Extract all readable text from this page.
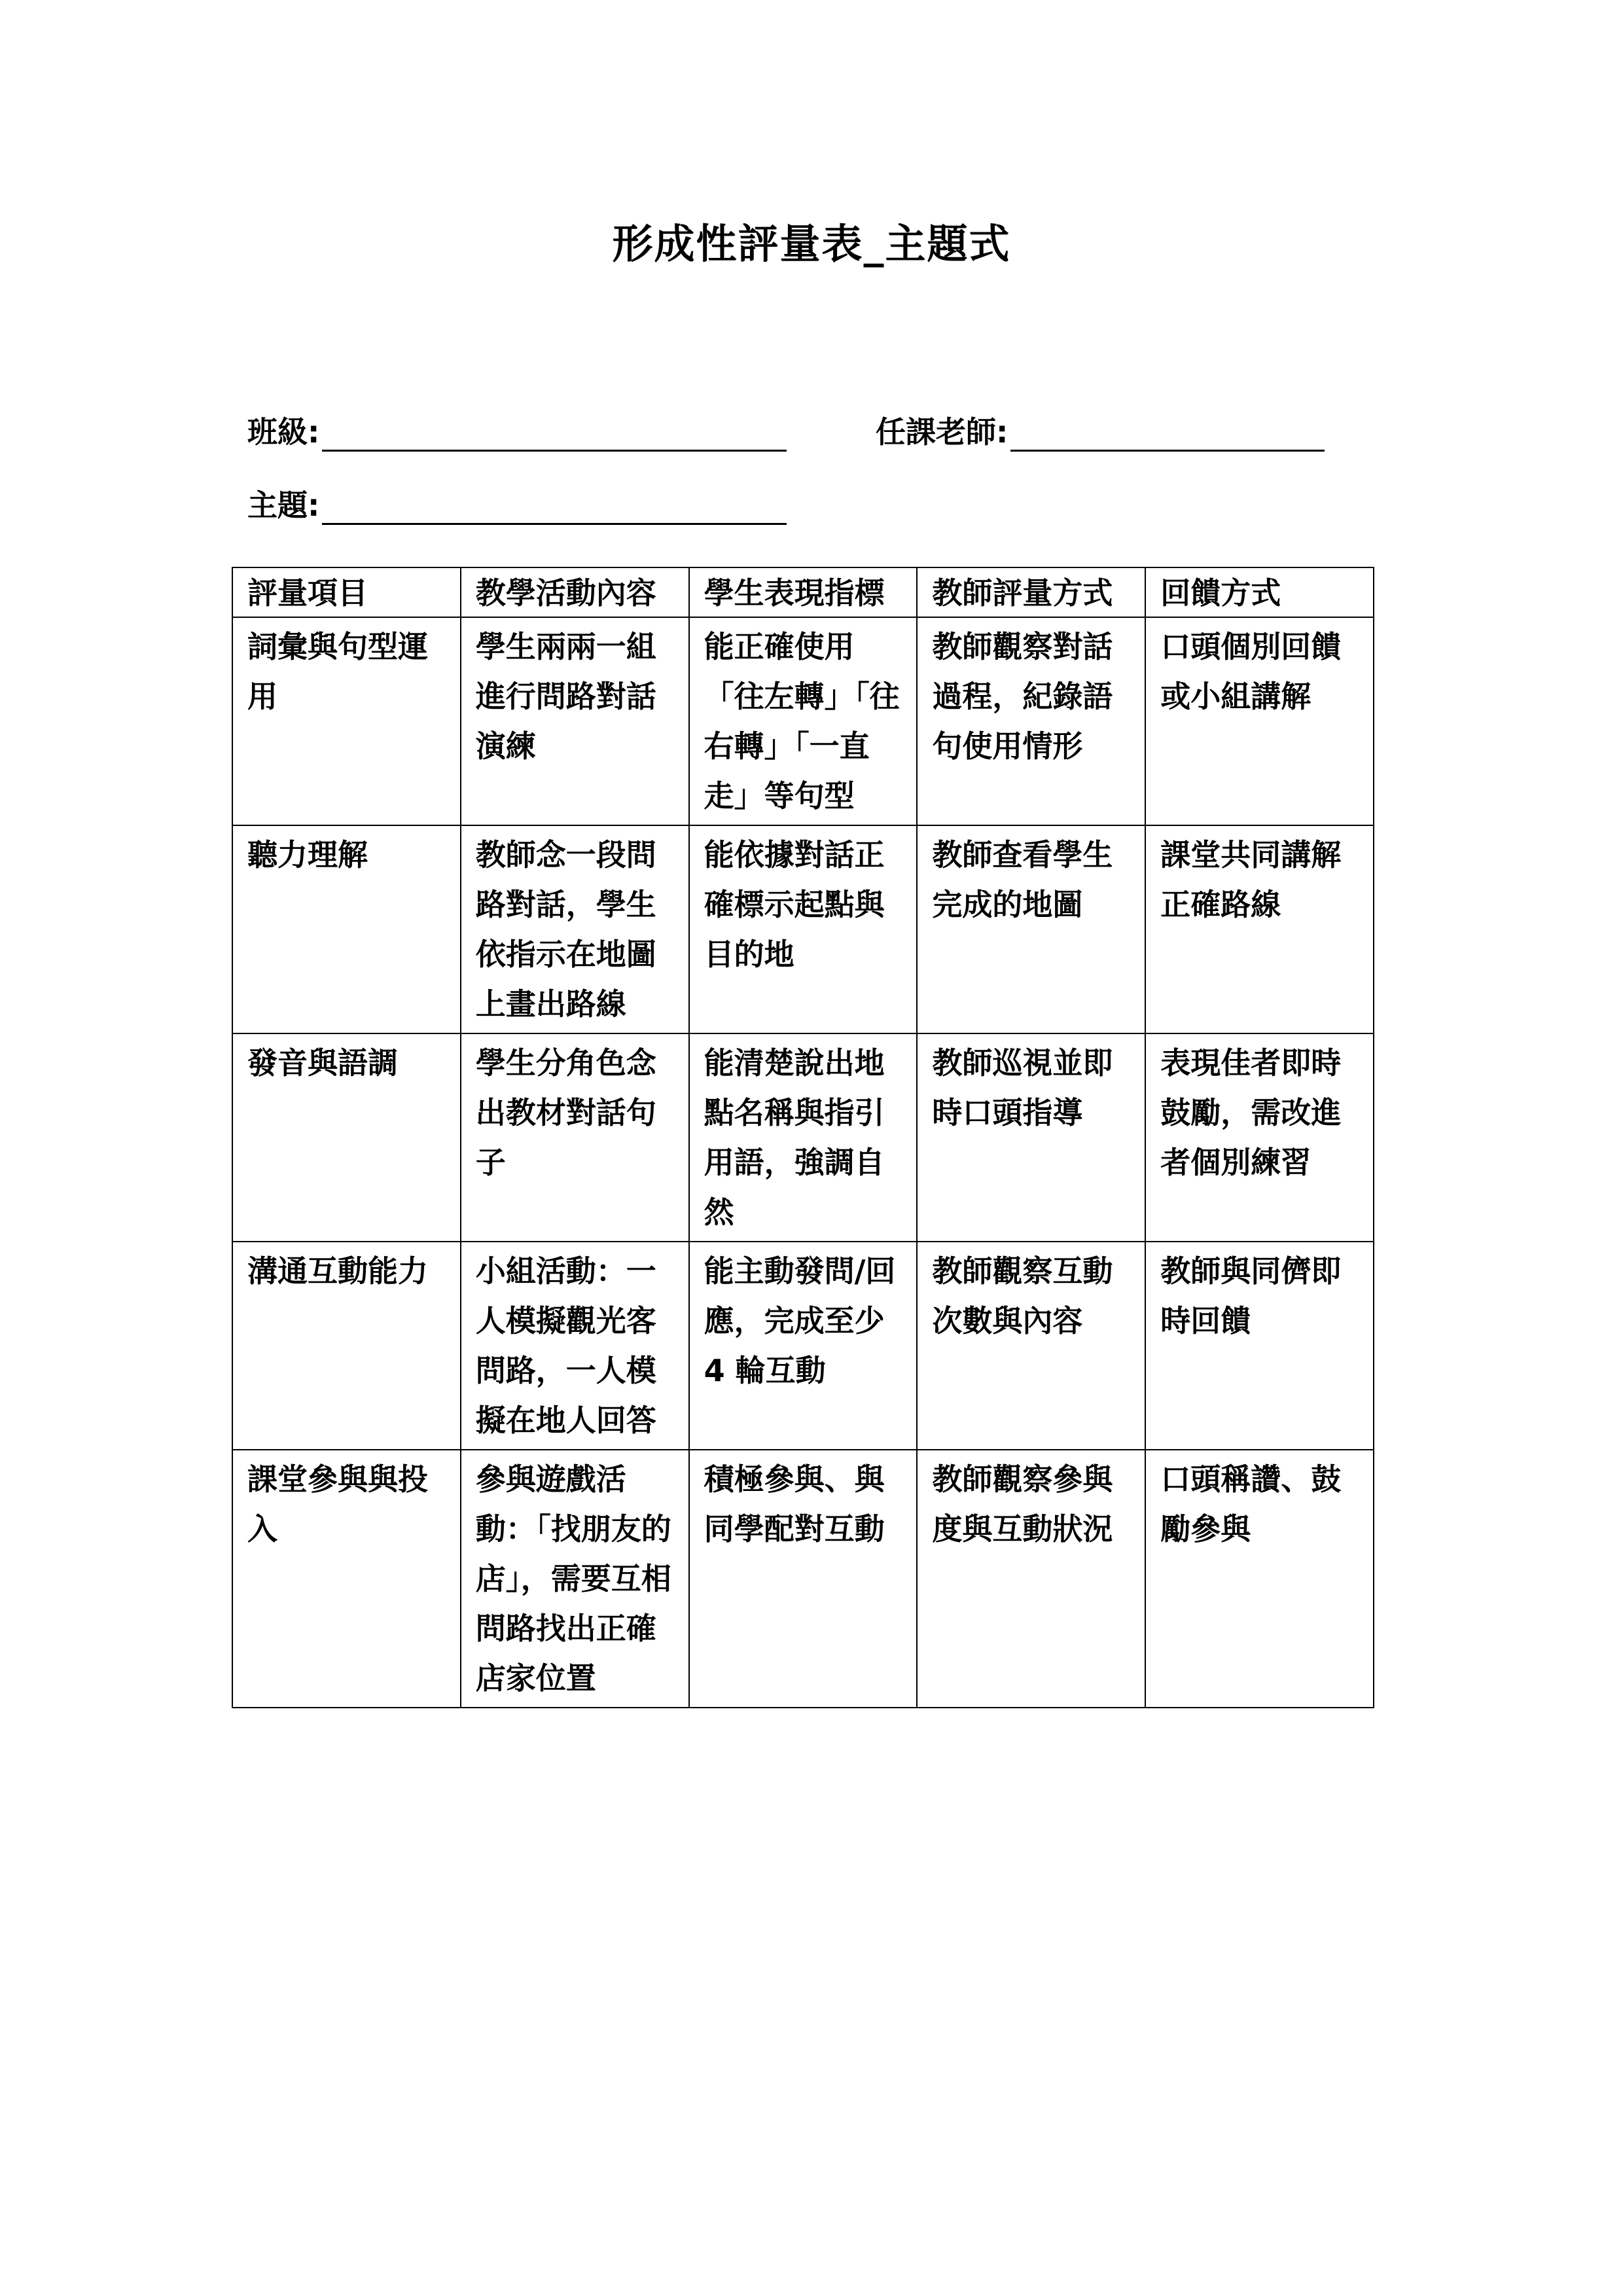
形成性評量表_主題式
班級:	任課老師:
主題:
評量項目	教學活動內容	學生表現指標	教師評量方式	回饋方式
詞彙與句型運用	學生兩兩一組進行問路對話演練	能正確使用「往左轉」「往右轉」「一直走」等句型	教師觀察對話過程，紀錄語句使用情形	口頭個別回饋或小組講解
聽力理解	教師念一段問路對話，學生依指示在地圖上畫出路線	能依據對話正確標示起點與目的地	教師查看學生完成的地圖	課堂共同講解正確路線
發音與語調	學生分角色念出教材對話句子	能清楚說出地點名稱與指引用語，強調自然	教師巡視並即時口頭指導	表現佳者即時鼓勵，需改進者個別練習
溝通互動能力	小組活動：一人模擬觀光客問路，一人模擬在地人回答	能主動發問/回應，完成至少 4 輪互動	教師觀察互動次數與內容	教師與同儕即時回饋
課堂參與與投入	參與遊戲活動：「找朋友的店」，需要互相問路找出正確店家位置	積極參與、與同學配對互動	教師觀察參與度與互動狀況	口頭稱讚、鼓勵參與
